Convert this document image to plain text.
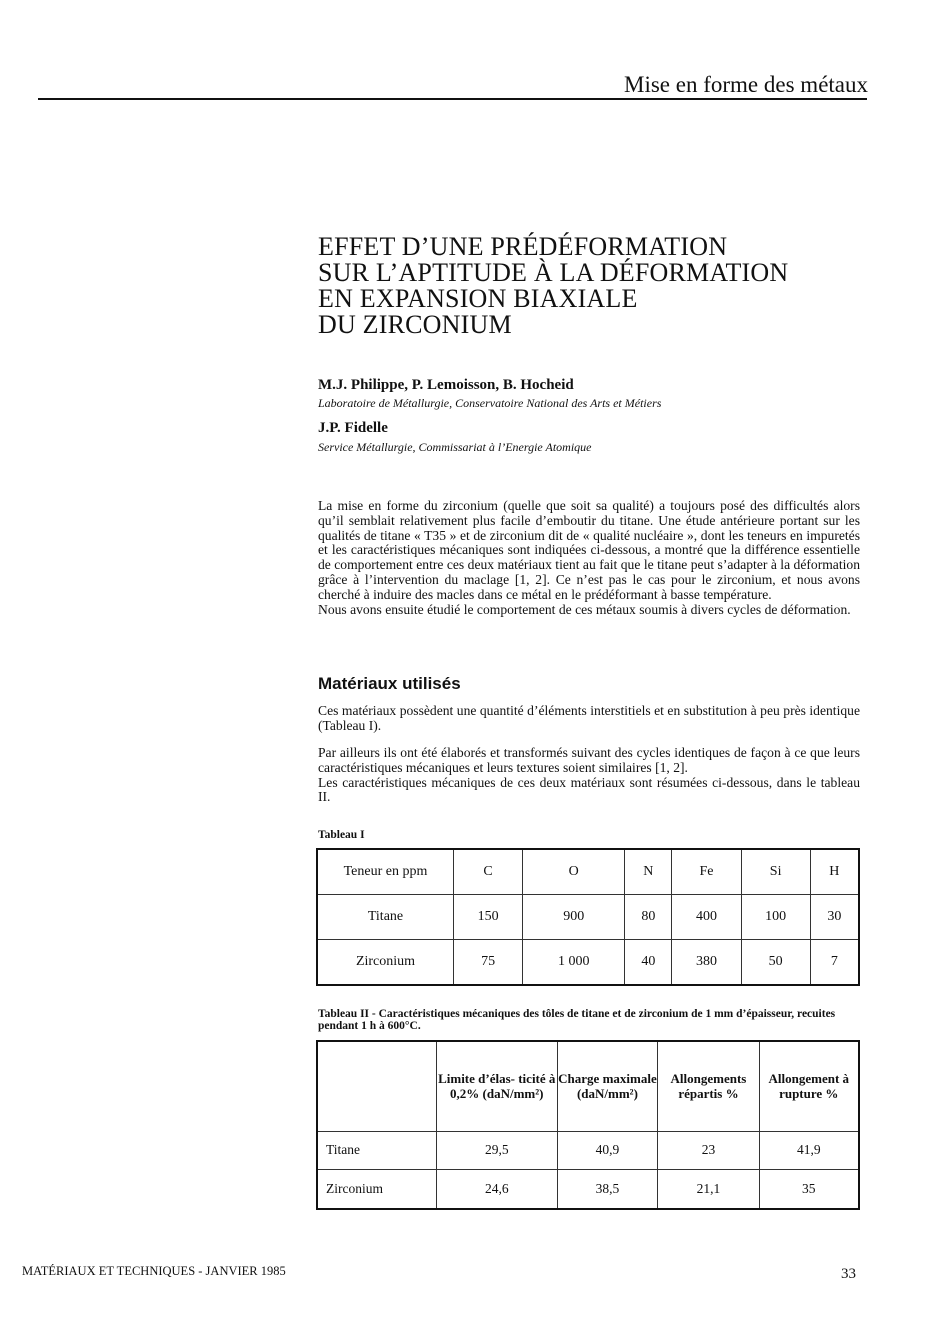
Mise en forme des métaux
EFFET D’UNE PRÉDÉFORMATION
SUR L’APTITUDE À LA DÉFORMATION
EN EXPANSION BIAXIALE
DU ZIRCONIUM
M.J. Philippe, P. Lemoisson, B. Hocheid
Laboratoire de Métallurgie, Conservatoire National des Arts et Métiers
J.P. Fidelle
Service Métallurgie, Commissariat à l’Energie Atomique

La mise en forme du zirconium (quelle que soit sa qualité) a toujours posé des difficultés alors qu’il semblait relativement plus facile d’emboutir du titane. Une étude antérieure portant sur les qualités de titane « T35 » et de zirconium dit de « qualité nucléaire », dont les teneurs en impuretés et les caractéristiques mécaniques sont indiquées ci-dessous, a montré que la différence essentielle de comportement entre ces deux matériaux tient au fait que le titane peut s’adapter à la déformation grâce à l’intervention du maclage [1, 2]. Ce n’est pas le cas pour le zirconium, et nous avons cherché à induire des macles dans ce métal en le prédéformant à basse température.

Nous avons ensuite étudié le comportement de ces métaux soumis à divers cycles de déformation.

Matériaux utilisés

Ces matériaux possèdent une quantité d’éléments interstitiels et en substitution à peu près identique (Tableau I).

Par ailleurs ils ont été élaborés et transformés suivant des cycles identiques de façon à ce que leurs caractéristiques mécaniques et leurs textures soient similaires [1, 2].
Les caractéristiques mécaniques de ces deux matériaux sont résumées ci-dessous, dans le tableau II.
Tableau I
Teneur en ppm	C	O	N	Fe	Si	H
Titane	150	900	80	400	100	30
Zirconium	75	1 000	40	380	50	7
Tableau II - Caractéristiques mécaniques des tôles de titane et de zirconium de 1 mm d’épaisseur, recuites pendant 1 h à 600°C.
	Limite d’élas- ticité à 0,2% (daN/mm²)	Charge maximale (daN/mm²)	Allongements répartis %	Allongement à rupture %
Titane	29,5	40,9	23	41,9
Zirconium	24,6	38,5	21,1	35
MATÉRIAUX ET TECHNIQUES - JANVIER 1985	33
